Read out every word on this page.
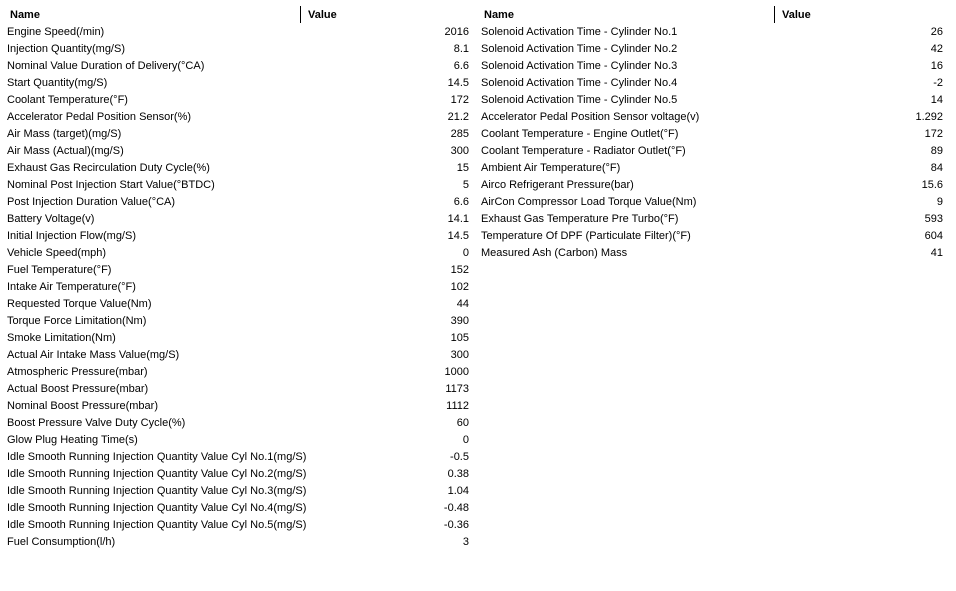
Name	Value
Engine Speed(/min)	2016
Injection Quantity(mg/S)	8.1
Nominal Value Duration of Delivery(°CA)	6.6
Start Quantity(mg/S)	14.5
Coolant Temperature(°F)	172
Accelerator Pedal Position Sensor(%)	21.2
Air Mass (target)(mg/S)	285
Air Mass (Actual)(mg/S)	300
Exhaust Gas Recirculation Duty Cycle(%)	15
Nominal Post Injection Start Value(°BTDC)	5
Post Injection Duration Value(°CA)	6.6
Battery Voltage(v)	14.1
Initial Injection Flow(mg/S)	14.5
Vehicle Speed(mph)	0
Fuel Temperature(°F)	152
Intake Air Temperature(°F)	102
Requested Torque Value(Nm)	44
Torque Force Limitation(Nm)	390
Smoke Limitation(Nm)	105
Actual Air Intake Mass Value(mg/S)	300
Atmospheric Pressure(mbar)	1000
Actual Boost Pressure(mbar)	1173
Nominal Boost Pressure(mbar)	1112
Boost Pressure Valve Duty Cycle(%)	60
Glow Plug Heating Time(s)	0
Idle Smooth Running Injection Quantity Value Cyl No.1(mg/S)	-0.5
Idle Smooth Running Injection Quantity Value Cyl No.2(mg/S)	0.38
Idle Smooth Running Injection Quantity Value Cyl No.3(mg/S)	1.04
Idle Smooth Running Injection Quantity Value Cyl No.4(mg/S)	-0.48
Idle Smooth Running Injection Quantity Value Cyl No.5(mg/S)	-0.36
Fuel Consumption(l/h)	3
Name	Value
Solenoid Activation Time - Cylinder No.1	26
Solenoid Activation Time - Cylinder No.2	42
Solenoid Activation Time - Cylinder No.3	16
Solenoid Activation Time - Cylinder No.4	-2
Solenoid Activation Time - Cylinder No.5	14
Accelerator Pedal Position Sensor voltage(v)	1.292
Coolant Temperature - Engine Outlet(°F)	172
Coolant Temperature - Radiator Outlet(°F)	89
Ambient Air Temperature(°F)	84
Airco Refrigerant Pressure(bar)	15.6
AirCon Compressor Load Torque Value(Nm)	9
Exhaust Gas Temperature Pre Turbo(°F)	593
Temperature Of DPF (Particulate Filter)(°F)	604
Measured Ash (Carbon) Mass	41
